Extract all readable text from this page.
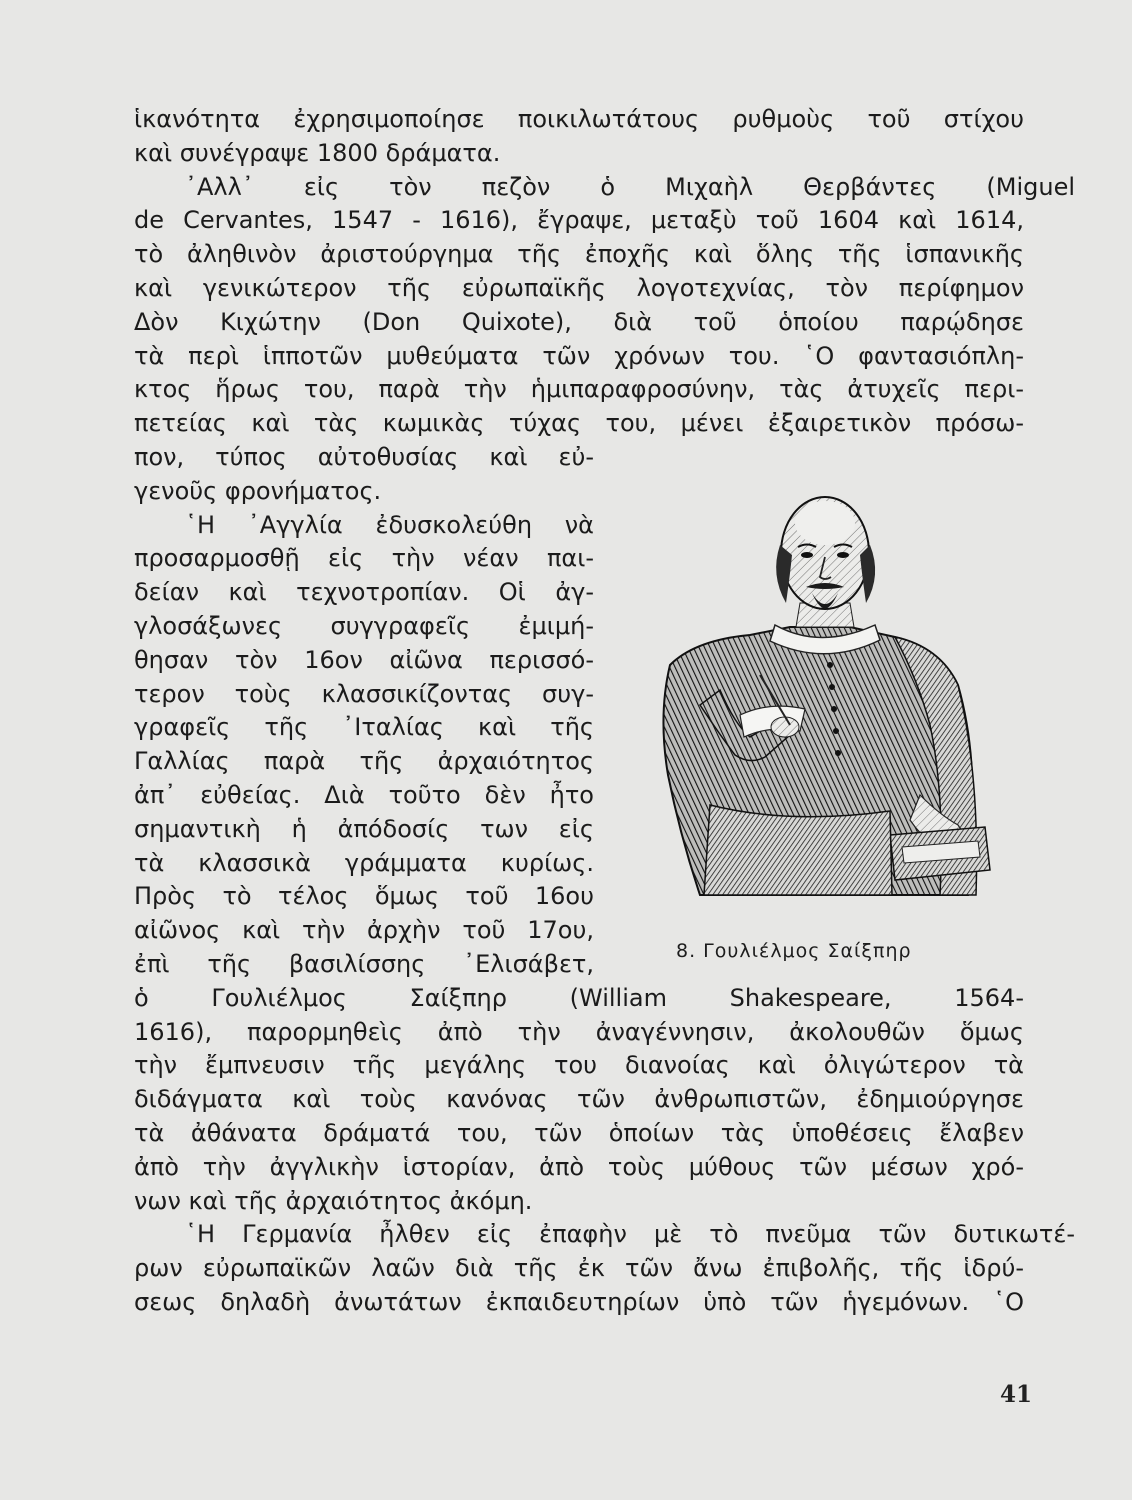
ἱκανότητα ἐχρησιμοποίησε ποικιλωτάτους ρυθμοὺς τοῦ στίχου
καὶ συνέγραψε 1800 δράματα.
᾿Αλλ᾿ εἰς τὸν πεζὸν ὁ Μιχαὴλ Θερβάντες (Miguel
de Cervantes, 1547 - 1616), ἔγραψε, μεταξὺ τοῦ 1604 καὶ 1614,
τὸ ἀληθινὸν ἀριστούργημα τῆς ἐποχῆς καὶ ὅλης τῆς ἱσπανικῆς
καὶ γενικώτερον τῆς εὐρωπαϊκῆς λογοτεχνίας, τὸν περίφημον
Δὸν Κιχώτην (Don Quixote), διὰ τοῦ ὁποίου παρῴδησε
τὰ περὶ ἱπποτῶν μυθεύματα τῶν χρόνων του. ῾Ο φαντασιόπλη-
κτος ἥρως του, παρὰ τὴν ἡμιπαραφροσύνην, τὰς ἀτυχεῖς περι-
πετείας καὶ τὰς κωμικὰς τύχας του, μένει ἐξαιρετικὸν πρόσω-
πον, τύπος αὐτοθυσίας καὶ εὐ-
γενοῦς φρονήματος.
῾Η ᾿Αγγλία ἐδυσκολεύθη νὰ
προσαρμοσθῇ εἰς τὴν νέαν παι-
δείαν καὶ τεχνοτροπίαν. Οἱ ἀγ-
γλοσάξωνες συγγραφεῖς ἐμιμή-
θησαν τὸν 16ον αἰῶνα περισσό-
τερον τοὺς κλασσικίζοντας συγ-
γραφεῖς τῆς ᾿Ιταλίας καὶ τῆς
Γαλλίας παρὰ τῆς ἀρχαιότητος
ἀπ᾿ εὐθείας. Διὰ τοῦτο δὲν ἦτο
σημαντικὴ ἡ ἀπόδοσίς των εἰς
τὰ κλασσικὰ γράμματα κυρίως.
Πρὸς τὸ τέλος ὅμως τοῦ 16ου
αἰῶνος καὶ τὴν ἀρχὴν τοῦ 17ου,
ἐπὶ τῆς βασιλίσσης ᾿Ελισάβετ,
ὁ Γουλιέλμος Σαίξπηρ (William Shakespeare, 1564-
1616), παρορμηθεὶς ἀπὸ τὴν ἀναγέννησιν, ἀκολουθῶν ὅμως
τὴν ἔμπνευσιν τῆς μεγάλης του διανοίας καὶ ὀλιγώτερον τὰ
διδάγματα καὶ τοὺς κανόνας τῶν ἀνθρωπιστῶν, ἐδημιούργησε
τὰ ἀθάνατα δράματά του, τῶν ὁποίων τὰς ὑποθέσεις ἔλαβεν
ἀπὸ τὴν ἀγγλικὴν ἱστορίαν, ἀπὸ τοὺς μύθους τῶν μέσων χρό-
νων καὶ τῆς ἀρχαιότητος ἀκόμη.
῾Η Γερμανία ἦλθεν εἰς ἐπαφὴν μὲ τὸ πνεῦμα τῶν δυτικωτέ-
ρων εὐρωπαϊκῶν λαῶν διὰ τῆς ἐκ τῶν ἄνω ἐπιβολῆς, τῆς ἱδρύ-
σεως δηλαδὴ ἀνωτάτων ἐκπαιδευτηρίων ὑπὸ τῶν ἡγεμόνων. ῾Ο
8. Γουλιέλμος Σαίξπηρ
41
